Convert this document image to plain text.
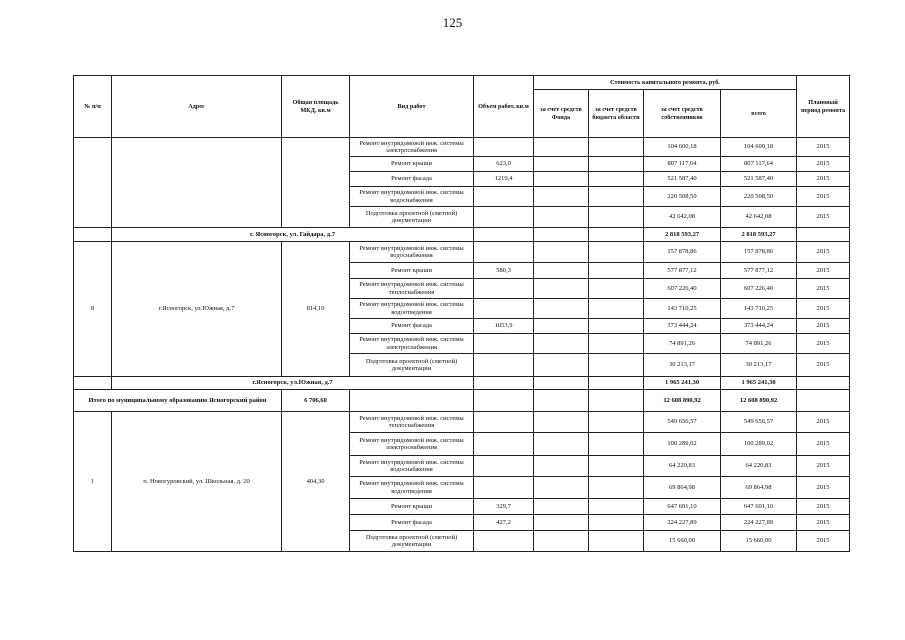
125
№ п/п	Адрес	Общая площадь МКД, кв.м	Вид работ	Объем работ, кв.м	Стоимость капитального ремонта, руб.				Плановый период ремонта
					за счет средств Фонда	за счет средств бюджета области	за счет средств собственников	всего	
			Ремонт внутридомовой инж. системы электроснабжения				104 600,18	104 600,18	2015
			Ремонт крыши	623,0			807 117,64	807 117,64	2015
			Ремонт фасада	1219,4			521 587,40	521 587,40	2015
			Ремонт внутридомовой инж. системы водоснабжения				220 508,50	220 508,50	2015
			Подготовка проектной (сметной) документации				42 642,08	42 642,08	2015
	г. Ясногорск, ул. Гайдара, д.7						2 818 593,27	2 818 593,27	
8	г.Ясногорск, ул.Южная, д.7	814,10	Ремонт внутридомовой инж. системы водоснабжения				157 878,86	157 878,86	2015
			Ремонт крыши	580,3			577 877,12	577 877,12	2015
			Ремонт внутридомовой инж. системы теплоснабжения				607 226,40	607 226,40	2015
			Ремонт внутридомовой инж. системы водоотведения				143 710,25	143 710,25	2015
			Ремонт фасада	1053,9			373 444,24	373 444,24	2015
			Ремонт внутридомовой инж. системы электроснабжения				74 891,26	74 891,26	2015
			Подготовка проектной (сметной) документации				30 213,17	30 213,17	2015
	г.Ясногорск, ул.Южная, д.7						1 965 241,30	1 965 241,30	
Итого по муниципальному образованию Ясногорский район		6 706,60					12 608 890,92	12 608 890,92	
1	п. Новогуровский, ул. Школьная, д. 20	404,30	Ремонт внутридомовой инж. системы теплоснабжения				549 656,57	549 656,57	2015
			Ремонт внутридомовой инж. системы электроснабжения				100 289,02	100 289,02	2015
			Ремонт внутридомовой инж. системы водоснабжения				64 220,83	64 220,83	2015
			Ремонт внутридомовой инж. системы водоотведения				69 864,98	69 864,98	2015
			Ремонт крыши	329,7			647 601,10	647 601,10	2015
			Ремонт фасада	427,2			224 227,89	224 227,89	2015
			Подготовка проектной (сметной) документации				15 660,00	15 660,00	2015
